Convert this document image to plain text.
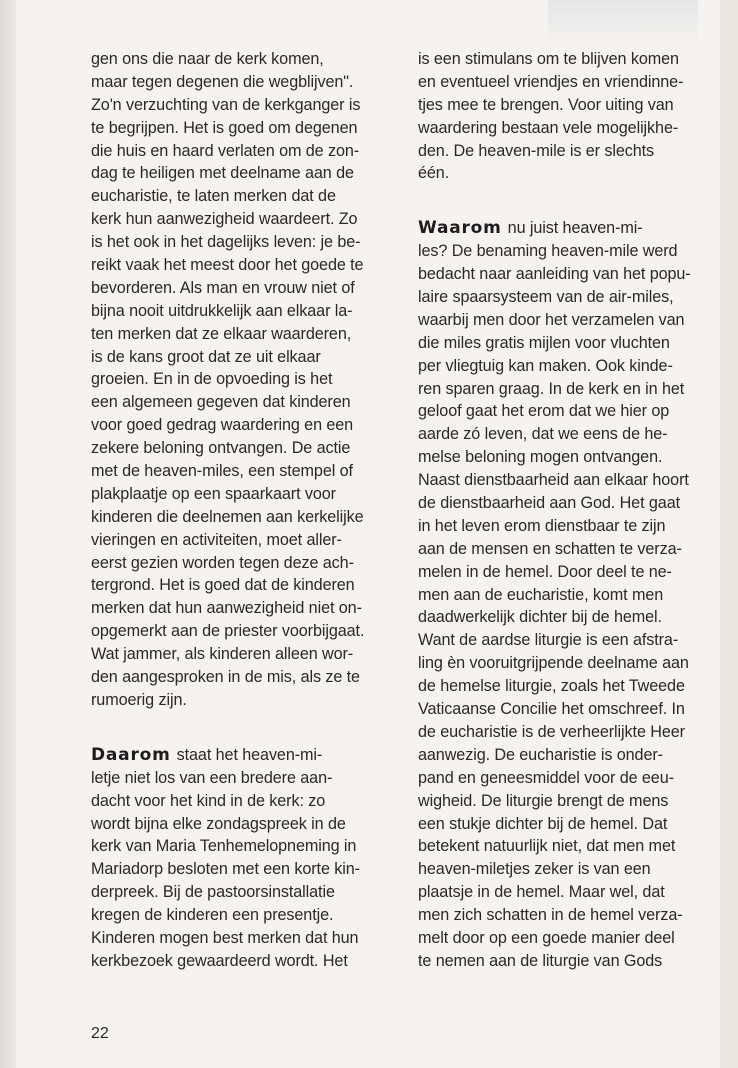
gen ons die naar de kerk komen,
maar tegen degenen die wegblijven".
Zo'n verzuchting van de kerkganger is
te begrijpen. Het is goed om degenen
die huis en haard verlaten om de zon-
dag te heiligen met deelname aan de
eucharistie, te laten merken dat de
kerk hun aanwezigheid waardeert. Zo
is het ook in het dagelijks leven: je be-
reikt vaak het meest door het goede te
bevorderen. Als man en vrouw niet of
bijna nooit uitdrukkelijk aan elkaar la-
ten merken dat ze elkaar waarderen,
is de kans groot dat ze uit elkaar
groeien. En in de opvoeding is het
een algemeen gegeven dat kinderen
voor goed gedrag waardering en een
zekere beloning ontvangen. De actie
met de heaven-miles, een stempel of
plakplaatje op een spaarkaart voor
kinderen die deelnemen aan kerkelijke
vieringen en activiteiten, moet aller-
eerst gezien worden tegen deze ach-
tergrond. Het is goed dat de kinderen
merken dat hun aanwezigheid niet on-
opgemerkt aan de priester voorbijgaat.
Wat jammer, als kinderen alleen wor-
den aangesproken in de mis, als ze te
rumoerig zijn.
Daarom staat het heaven-mi-
letje niet los van een bredere aan-
dacht voor het kind in de kerk: zo
wordt bijna elke zondagspreek in de
kerk van Maria Tenhemelopneming in
Mariadorp besloten met een korte kin-
derpreek. Bij de pastoorsinstallatie
kregen de kinderen een presentje.
Kinderen mogen best merken dat hun
kerkbezoek gewaardeerd wordt. Het
is een stimulans om te blijven komen
en eventueel vriendjes en vriendinne-
tjes mee te brengen. Voor uiting van
waardering bestaan vele mogelijkhe-
den. De heaven-mile is er slechts
één.
Waarom nu juist heaven-mi-
les? De benaming heaven-mile werd
bedacht naar aanleiding van het popu-
laire spaarsysteem van de air-miles,
waarbij men door het verzamelen van
die miles gratis mijlen voor vluchten
per vliegtuig kan maken. Ook kinde-
ren sparen graag. In de kerk en in het
geloof gaat het erom dat we hier op
aarde zó leven, dat we eens de he-
melse beloning mogen ontvangen.
Naast dienstbaarheid aan elkaar hoort
de dienstbaarheid aan God. Het gaat
in het leven erom dienstbaar te zijn
aan de mensen en schatten te verza-
melen in de hemel. Door deel te ne-
men aan de eucharistie, komt men
daadwerkelijk dichter bij de hemel.
Want de aardse liturgie is een afstra-
ling èn vooruitgrijpende deelname aan
de hemelse liturgie, zoals het Tweede
Vaticaanse Concilie het omschreef. In
de eucharistie is de verheerlijkte Heer
aanwezig. De eucharistie is onder-
pand en geneesmiddel voor de eeu-
wigheid. De liturgie brengt de mens
een stukje dichter bij de hemel. Dat
betekent natuurlijk niet, dat men met
heaven-miletjes zeker is van een
plaatsje in de hemel. Maar wel, dat
men zich schatten in de hemel verza-
melt door op een goede manier deel
te nemen aan de liturgie van Gods
22
